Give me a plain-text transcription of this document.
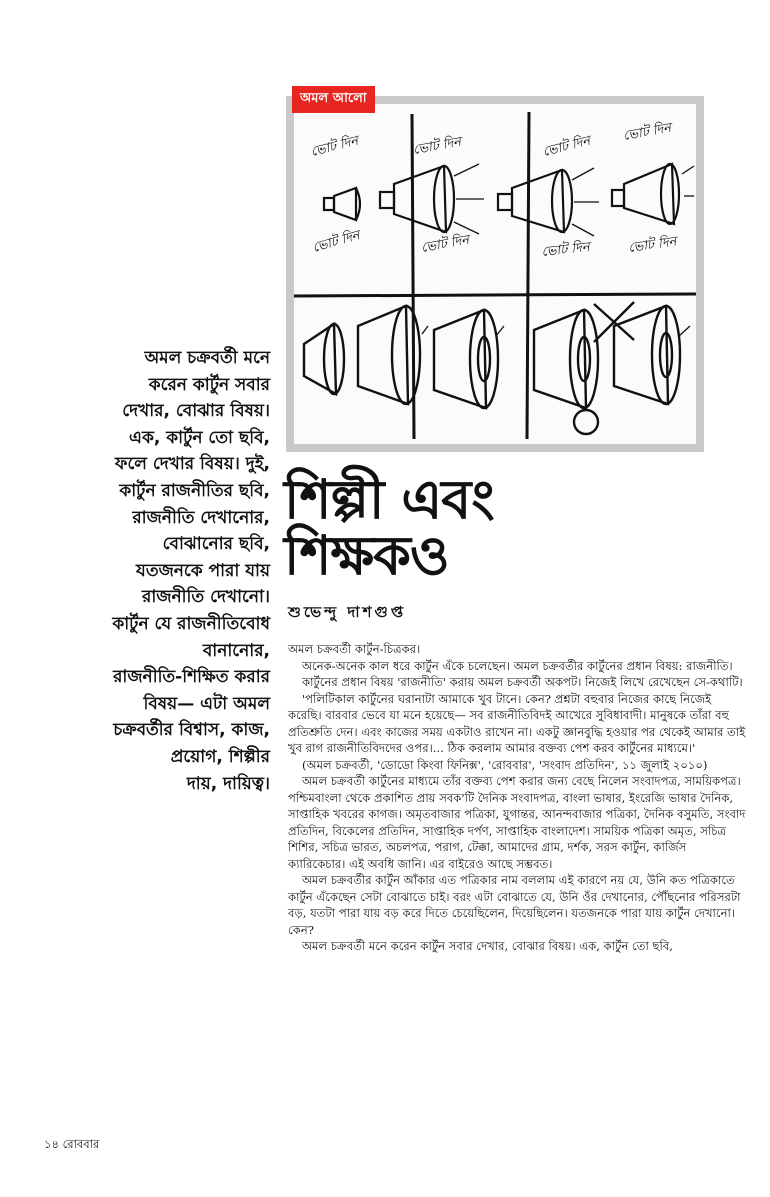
অমল আলো
ভোট দিন	ভোট দিন	ভোট দিন
ভোট দিন
ভোট দিন	ভোট দিন	ভোট দিন	ভোট দিন
অমল চক্রবর্তী মনে
করেন কার্টুন সবার
দেখার, বোঝার বিষয়।
এক, কার্টুন তো ছবি,
ফলে দেখার বিষয়। দুই,
কার্টুন রাজনীতির ছবি,
রাজনীতি দেখানোর,
বোঝানোর ছবি,
যতজনকে পারা যায়
রাজনীতি দেখানো।
কার্টুন যে রাজনীতিবোধ
বানানোর,
রাজনীতি-শিক্ষিত করার
বিষয়— এটা অমল
চক্রবর্তীর বিশ্বাস, কাজ,
প্রয়োগ, শিল্পীর
দায়, দায়িত্ব।
শিল্পী এবং
শিক্ষকও
শুভেন্দু দাশগুপ্ত

অমল চক্রবর্তী কার্টুন-চিত্রকর।

অনেক-অনেক কাল ধরে কার্টুন এঁকে চলেছেন। অমল চক্রবর্তীর কার্টুনের প্রধান বিষয়: রাজনীতি।

কার্টুনের প্রধান বিষয় 'রাজনীতি' করায় অমল চক্রবর্তী অকপট। নিজেই লিখে রেখেছেন সে-কথাটি।

'পলিটিকাল কার্টুনের ঘরানাটা আমাকে খুব টানে। কেন? প্রশ্নটা বহুবার নিজের কাছে নিজেই করেছি। বারবার ভেবে যা মনে হয়েছে— সব রাজনীতিবিদই আখেরে সুবিধাবাদী। মানুষকে তাঁরা বহু প্রতিশ্রুতি দেন। এবং কাজের সময় একটাও রাখেন না। একটু জ্ঞানবুদ্ধি হওয়ার পর থেকেই আমার তাই খুব রাগ রাজনীতিবিদদের ওপর।... ঠিক করলাম আমার বক্তব্য পেশ করব কার্টুনের মাধ্যমে।'

(অমল চক্রবর্তী, 'ডোডো কিংবা ফিনিক্স', 'রোববার', 'সংবাদ প্রতিদিন', ১১ জুলাই ২০১০)

অমল চক্রবর্তী কার্টুনের মাধ্যমে তাঁর বক্তব্য পেশ করার জন্য বেছে নিলেন সংবাদপত্র, সাময়িকপত্র। পশ্চিমবাংলা থেকে প্রকাশিত প্রায় সবক'টি দৈনিক সংবাদপত্র, বাংলা ভাষার, ইংরেজি ভাষার দৈনিক, সাপ্তাহিক খবরের কাগজ। অমৃতবাজার পত্রিকা, যুগান্তর, আনন্দবাজার পত্রিকা, দৈনিক বসুমতি, সংবাদ প্রতিদিন, বিকেলের প্রতিদিন, সাপ্তাহিক দর্পণ, সাপ্তাহিক বাংলাদেশ। সাময়িক পত্রিকা অমৃত, সচিত্র শিশির, সচিত্র ভারত, অচলপত্র, পরাগ, টেক্কা, আমাদের গ্রাম, দর্শক, সরস কার্টুন, কার্জিস ক্যারিকেচার। এই অবধি জানি। এর বাইরেও আছে সম্ভবত।

অমল চক্রবর্তীর কার্টুন আঁকার এত পত্রিকার নাম বললাম এই কারণে নয় যে, উনি কত পত্রিকাতে কার্টুন এঁকেছেন সেটা বোঝাতে চাই। বরং এটা বোঝাতে যে, উনি ওঁর দেখানোর, পৌঁছনোর পরিসরটা বড়, যতটা পারা যায় বড় করে দিতে চেয়েছিলেন, দিয়েছিলেন। যতজনকে পারা যায় কার্টুন দেখানো। কেন?

অমল চক্রবর্তী মনে করেন কার্টুন সবার দেখার, বোঝার বিষয়। এক, কার্টুন তো ছবি,

১৪ রোববার
